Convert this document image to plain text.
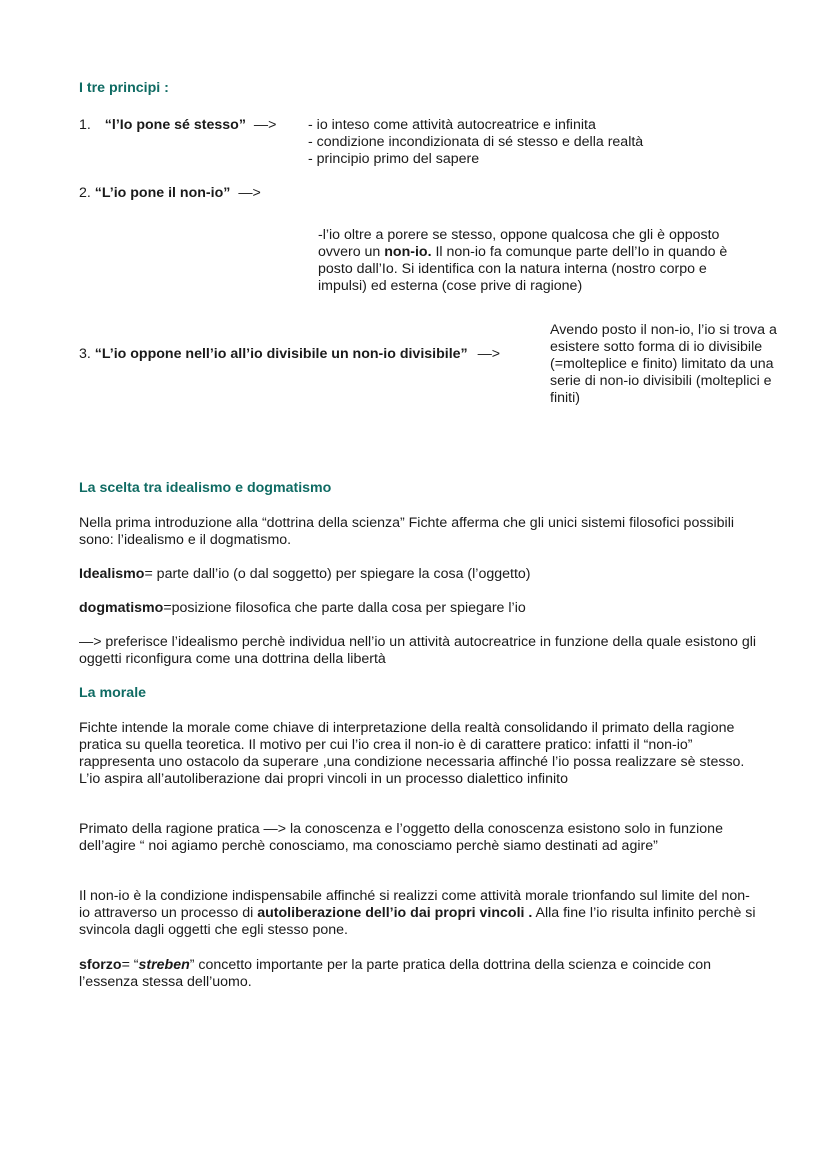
I tre principi :
1. “l’Io pone sé stesso” —> - io inteso come attività autocreatrice e infinita

- condizione incondizionata di sé stesso e della realtà

- principio primo del sapere

2. “L’io pone il non-io” —>

-l’io oltre a porere se stesso, oppone qualcosa che gli è opposto ovvero un non-io. Il non-io fa comunque parte dell’Io in quando è posto dall’Io. Si identifica con la natura interna (nostro corpo e impulsi) ed esterna (cose prive di ragione)

3. “L’io oppone nell’io all’io divisibile un non-io divisibile” —>

Avendo posto il non-io, l’io si trova a esistere sotto forma di io divisibile (=molteplice e finito) limitato da una serie di non-io divisibili (molteplici e finiti)

La scelta tra idealismo e dogmatismo

Nella prima introduzione alla “dottrina della scienza” Fichte afferma che gli unici sistemi filosofici possibili sono: l’idealismo e il dogmatismo.

Idealismo= parte dall’io (o dal soggetto) per spiegare la cosa (l’oggetto)

dogmatismo=posizione filosofica che parte dalla cosa per spiegare l’io

—> preferisce l’idealismo perchè individua nell’io un attività autocreatrice in funzione della quale esistono gli oggetti riconfigura come una dottrina della libertà

La morale

Fichte intende la morale come chiave di interpretazione della realtà consolidando il primato della ragione pratica su quella teoretica. Il motivo per cui l’io crea il non-io è di carattere pratico: infatti il “non-io” rappresenta uno ostacolo da superare ,una condizione necessaria affinché l’io possa realizzare sè stesso. L’io aspira all’autoliberazione dai propri vincoli in un processo dialettico infinito

Primato della ragione pratica —> la conoscenza e l’oggetto della conoscenza esistono solo in funzione dell’agire “ noi agiamo perchè conosciamo, ma conosciamo perchè siamo destinati ad agire”

Il non-io è la condizione indispensabile affinché si realizzi come attività morale trionfando sul limite del non-io attraverso un processo di autoliberazione dell’io dai propri vincoli . Alla fine l’io risulta infinito perchè si svincola dagli oggetti che egli stesso pone.

sforzo= “streben” concetto importante per la parte pratica della dottrina della scienza e coincide con l’essenza stessa dell’uomo.
